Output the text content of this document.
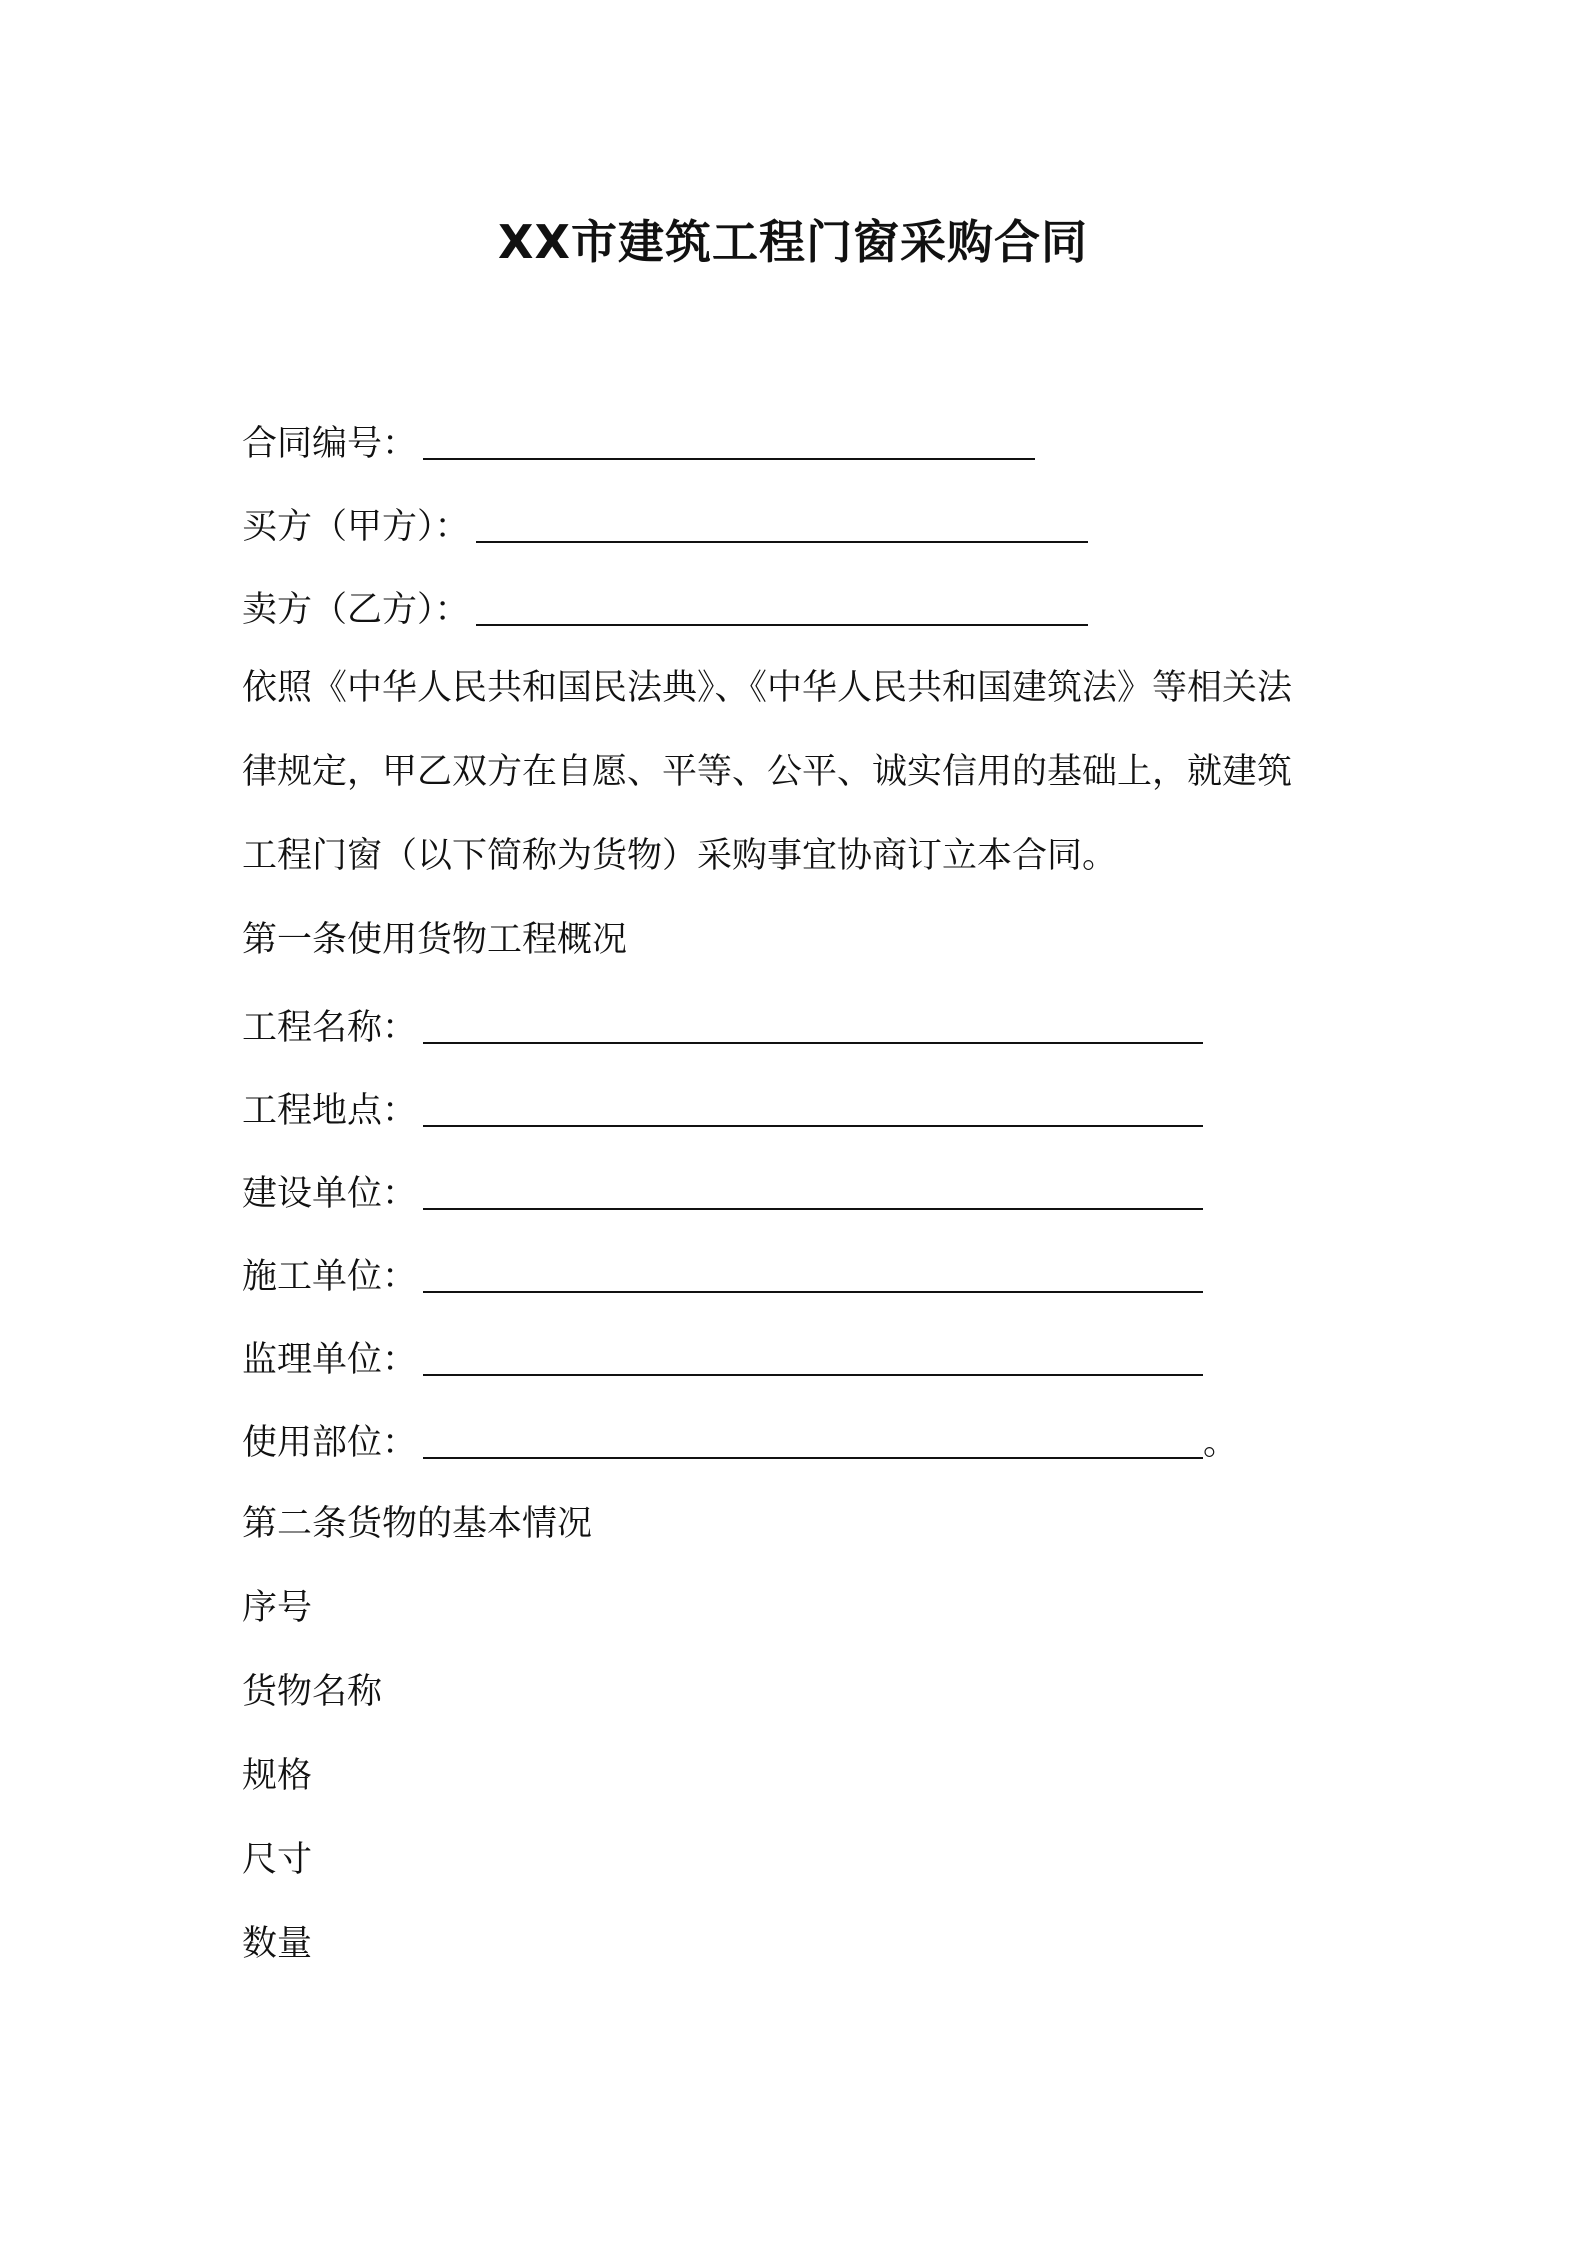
XX市建筑工程门窗采购合同
合同编号：
买方（甲方）：
卖方（乙方）：
依照《中华人民共和国民法典》、《中华人民共和国建筑法》等相关法
律规定，甲乙双方在自愿、平等、公平、诚实信用的基础上，就建筑
工程门窗（以下简称为货物）采购事宜协商订立本合同。
第一条使用货物工程概况
工程名称：
工程地点：
建设单位：
施工单位：
监理单位：
使用部位：	。
第二条货物的基本情况
序号
货物名称
规格
尺寸
数量
